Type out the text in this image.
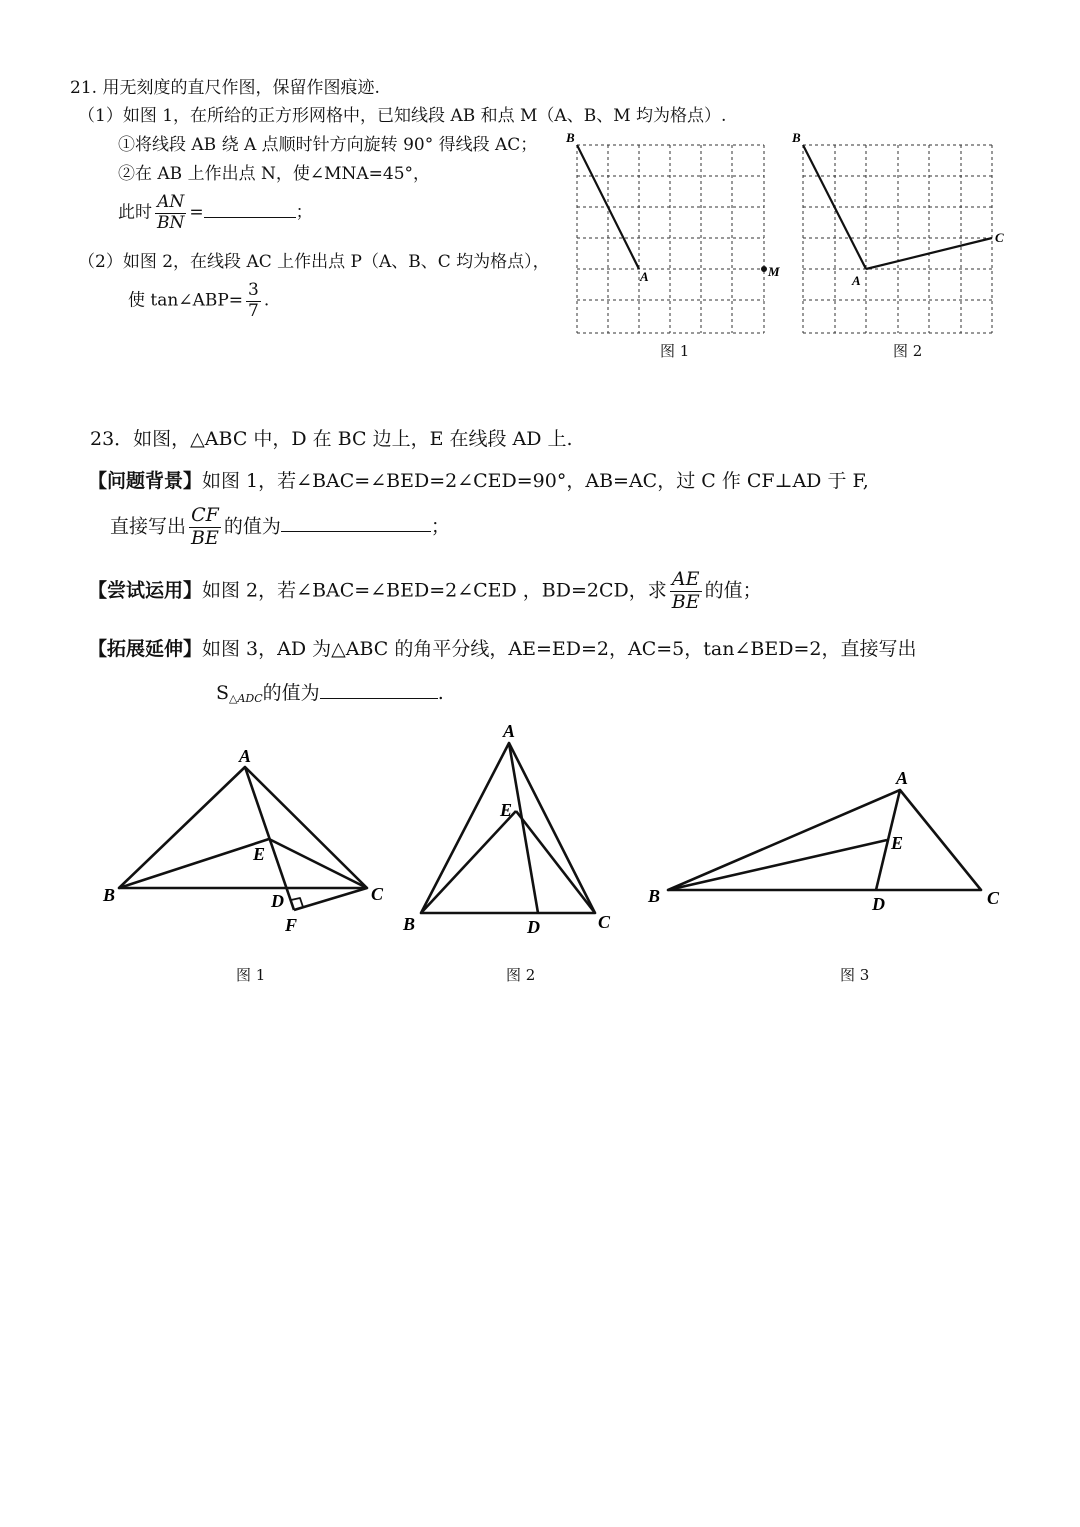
21. 用无刻度的直尺作图，保留作图痕迹.
（1）如图 1，在所给的正方形网格中，已知线段 AB 和点 M（A、B、M 均为格点）.
①将线段 AB 绕 A 点顺时针方向旋转 90° 得线段 AC；
②在 AB 上作出点 N，使∠MNA=45°，
此时 $\frac{AN}{BN}$ =	；
（2）如图 2，在线段 AC 上作出点 P（A、B、C 均为格点），
使 tan∠ABP= $\frac{3}{7}$ .
B
A	M
图 1
B
A
C
图 2
23．如图，△ABC 中，D 在 BC 边上，E 在线段 AD 上.
【问题背景】如图 1，若∠BAC=∠BED=2∠CED=90°，AB=AC，过 C 作 CF⊥AD 于 F,
直接写出 $\frac{CF}{BE}$ 的值为	；
【尝试运用】如图 2，若∠BAC=∠BED=2∠CED ，BD=2CD，求 $\frac{AE}{BE}$ 的值；
【拓展延伸】如图 3，AD 为△ABC 的角平分线，AE=ED=2，AC=5，tan∠BED=2，直接写出
$S_{\triangle ADC}$的值为	.
A
B	C
D
E
F
图 1
A
B	C
D
E
图 2
A
B	C
D
E
图 3
